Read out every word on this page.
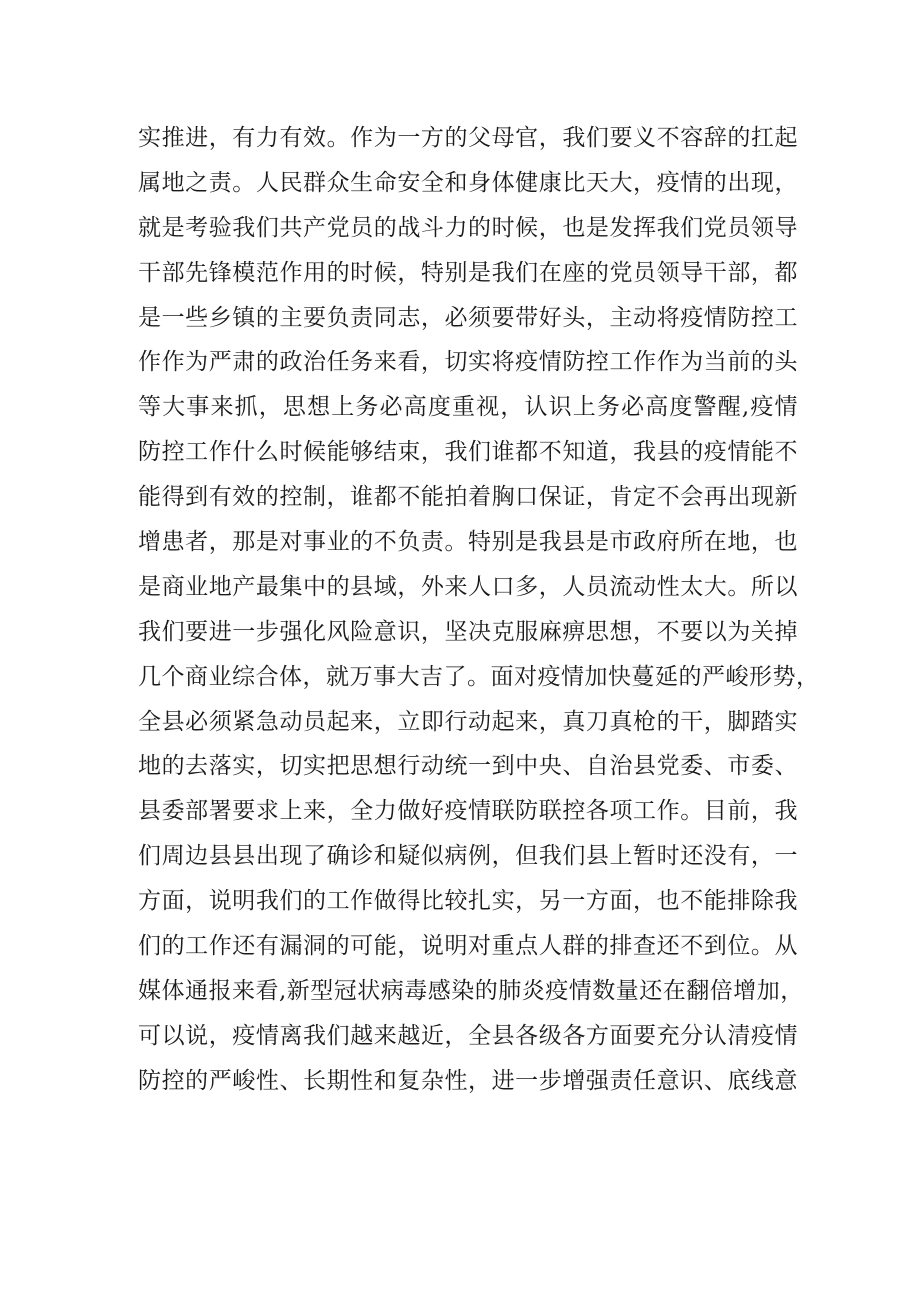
实推进，有力有效。作为一方的父母官，我们要义不容辞的扛起
属地之责。人民群众生命安全和身体健康比天大，疫情的出现，
就是考验我们共产党员的战斗力的时候，也是发挥我们党员领导
干部先锋模范作用的时候，特别是我们在座的党员领导干部，都
是一些乡镇的主要负责同志，必须要带好头，主动将疫情防控工
作作为严肃的政治任务来看，切实将疫情防控工作作为当前的头
等大事来抓，思想上务必高度重视，认识上务必高度警醒,疫情
防控工作什么时候能够结束，我们谁都不知道，我县的疫情能不
能得到有效的控制，谁都不能拍着胸口保证，肯定不会再出现新
增患者，那是对事业的不负责。特别是我县是市政府所在地，也
是商业地产最集中的县域，外来人口多，人员流动性太大。所以
我们要进一步强化风险意识，坚决克服麻痹思想，不要以为关掉
几个商业综合体，就万事大吉了。面对疫情加快蔓延的严峻形势，
全县必须紧急动员起来，立即行动起来，真刀真枪的干，脚踏实
地的去落实，切实把思想行动统一到中央、自治县党委、市委、
县委部署要求上来，全力做好疫情联防联控各项工作。目前，我
们周边县县出现了确诊和疑似病例，但我们县上暂时还没有，一
方面，说明我们的工作做得比较扎实，另一方面，也不能排除我
们的工作还有漏洞的可能，说明对重点人群的排查还不到位。从
媒体通报来看,新型冠状病毒感染的肺炎疫情数量还在翻倍增加，
可以说，疫情离我们越来越近，全县各级各方面要充分认清疫情
防控的严峻性、长期性和复杂性，进一步增强责任意识、底线意
